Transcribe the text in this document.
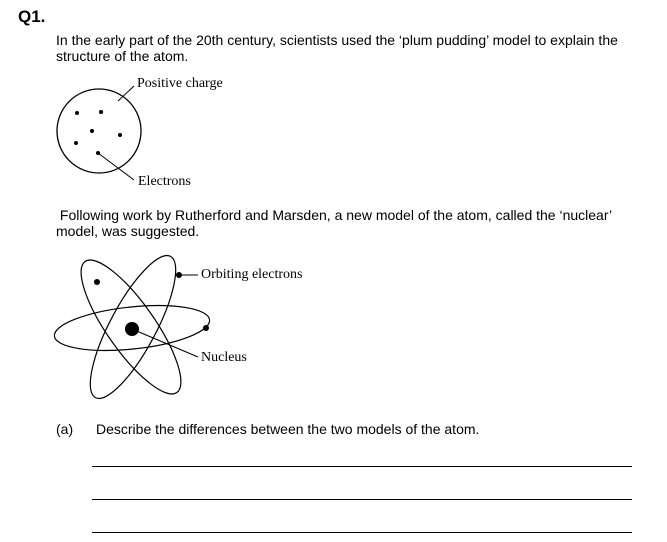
Q1.
In the early part of the 20th century, scientists used the ‘plum pudding’ model to explain the structure of the atom.
Positive charge
Electrons
Following work by Rutherford and Marsden, a new model of the atom, called the ‘nuclear’ model, was suggested.
Orbiting electrons
Nucleus
(a) Describe the differences between the two models of the atom.
